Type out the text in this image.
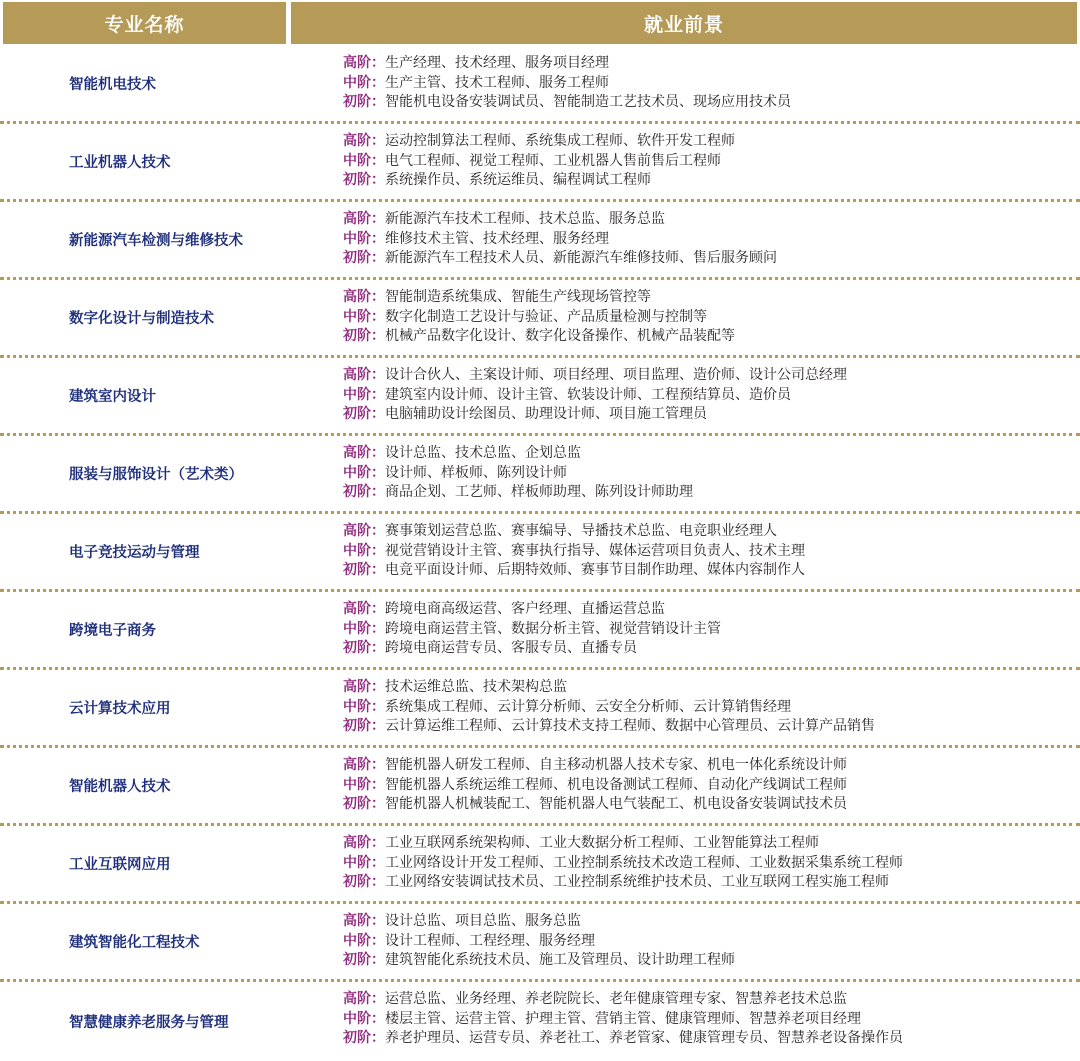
专业名称	就业前景
智能机电技术
高阶：生产经理、技术经理、服务项目经理
中阶：生产主管、技术工程师、服务工程师
初阶：智能机电设备安装调试员、智能制造工艺技术员、现场应用技术员
工业机器人技术
高阶：运动控制算法工程师、系统集成工程师、软件开发工程师
中阶：电气工程师、视觉工程师、工业机器人售前售后工程师
初阶：系统操作员、系统运维员、编程调试工程师
新能源汽车检测与维修技术
高阶：新能源汽车技术工程师、技术总监、服务总监
中阶：维修技术主管、技术经理、服务经理
初阶：新能源汽车工程技术人员、新能源汽车维修技师、售后服务顾问
数字化设计与制造技术
高阶：智能制造系统集成、智能生产线现场管控等
中阶：数字化制造工艺设计与验证、产品质量检测与控制等
初阶：机械产品数字化设计、数字化设备操作、机械产品装配等
建筑室内设计
高阶：设计合伙人、主案设计师、项目经理、项目监理、造价师、设计公司总经理
中阶：建筑室内设计师、设计主管、软装设计师、工程预结算员、造价员
初阶：电脑辅助设计绘图员、助理设计师、项目施工管理员
服装与服饰设计（艺术类）
高阶：设计总监、技术总监、企划总监
中阶：设计师、样板师、陈列设计师
初阶：商品企划、工艺师、样板师助理、陈列设计师助理
电子竞技运动与管理
高阶：赛事策划运营总监、赛事编导、导播技术总监、电竞职业经理人
中阶：视觉营销设计主管、赛事执行指导、媒体运营项目负责人、技术主理
初阶：电竞平面设计师、后期特效师、赛事节目制作助理、媒体内容制作人
跨境电子商务
高阶：跨境电商高级运营、客户经理、直播运营总监
中阶：跨境电商运营主管、数据分析主管、视觉营销设计主管
初阶：跨境电商运营专员、客服专员、直播专员
云计算技术应用
高阶：技术运维总监、技术架构总监
中阶：系统集成工程师、云计算分析师、云安全分析师、云计算销售经理
初阶：云计算运维工程师、云计算技术支持工程师、数据中心管理员、云计算产品销售
智能机器人技术
高阶：智能机器人研发工程师、自主移动机器人技术专家、机电一体化系统设计师
中阶：智能机器人系统运维工程师、机电设备测试工程师、自动化产线调试工程师
初阶：智能机器人机械装配工、智能机器人电气装配工、机电设备安装调试技术员
工业互联网应用
高阶：工业互联网系统架构师、工业大数据分析工程师、工业智能算法工程师
中阶：工业网络设计开发工程师、工业控制系统技术改造工程师、工业数据采集系统工程师
初阶：工业网络安装调试技术员、工业控制系统维护技术员、工业互联网工程实施工程师
建筑智能化工程技术
高阶：设计总监、项目总监、服务总监
中阶：设计工程师、工程经理、服务经理
初阶：建筑智能化系统技术员、施工及管理员、设计助理工程师
智慧健康养老服务与管理
高阶：运营总监、业务经理、养老院院长、老年健康管理专家、智慧养老技术总监
中阶：楼层主管、运营主管、护理主管、营销主管、健康管理师、智慧养老项目经理
初阶：养老护理员、运营专员、养老社工、养老管家、健康管理专员、智慧养老设备操作员
